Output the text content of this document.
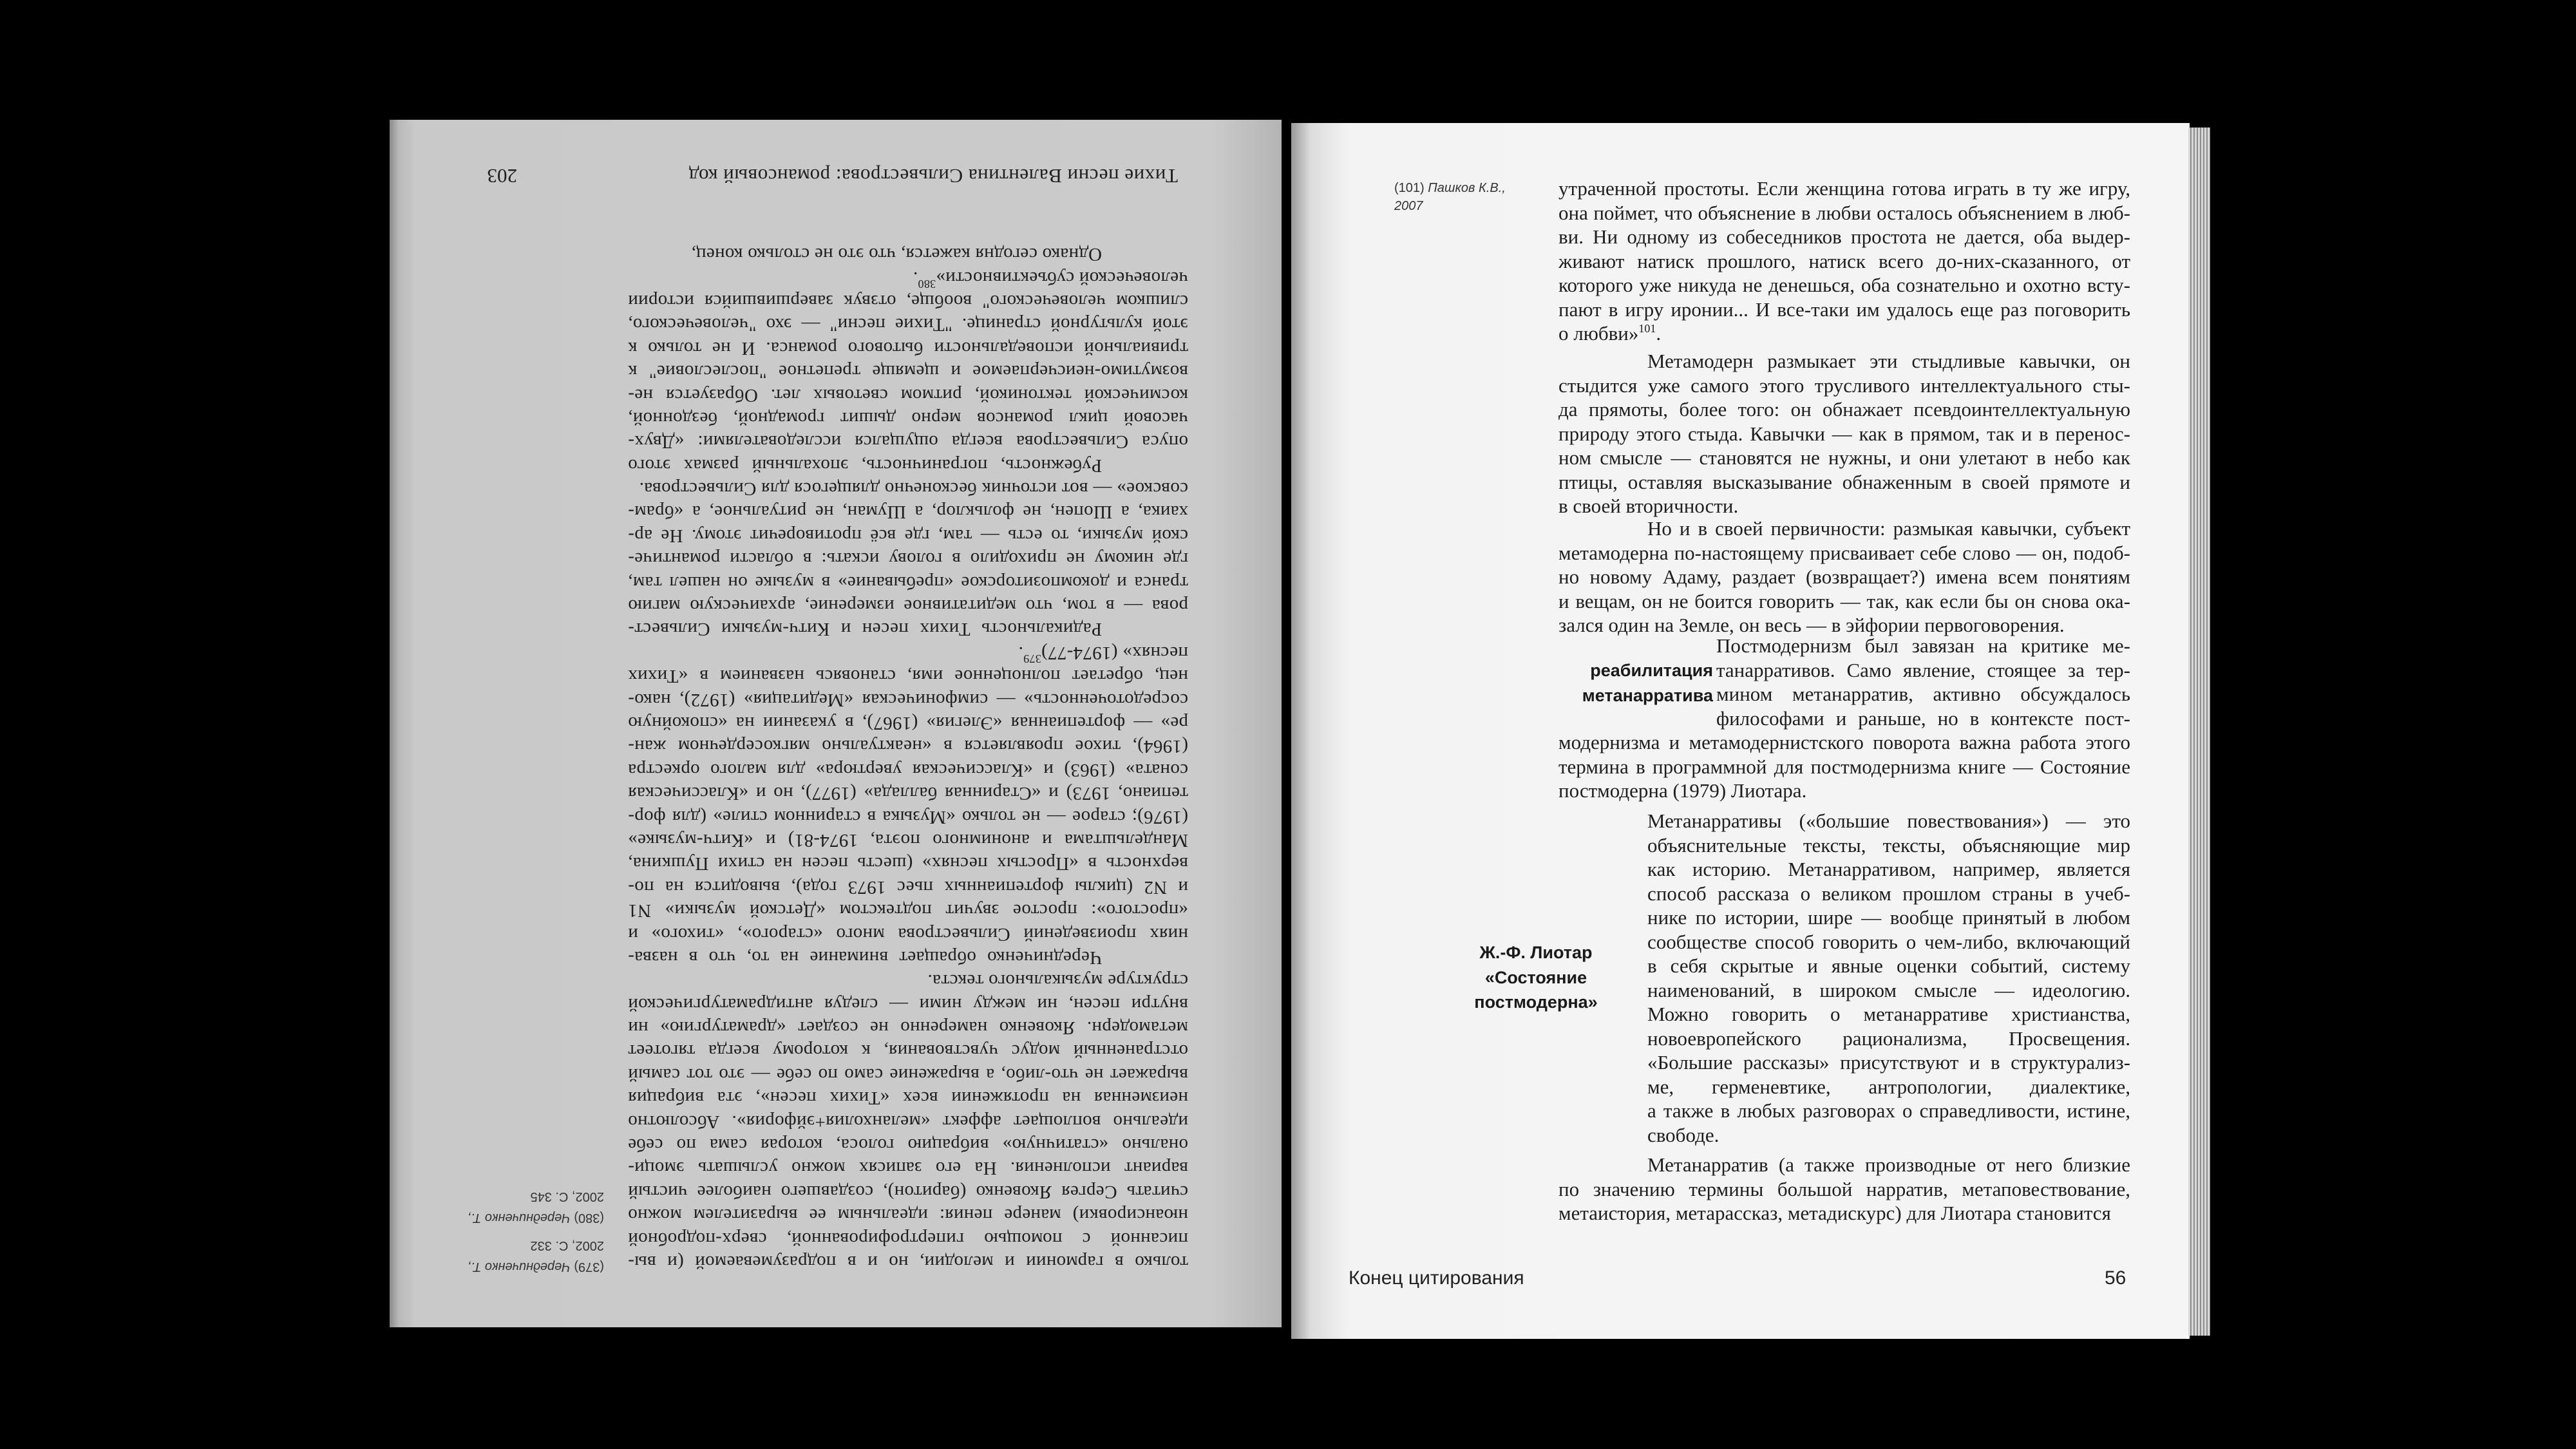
только в гармонии и мелодии, но и в подразумеваемой (и вы-
писанной с помощью гипертрофированной, сверх-подробной
нюансировки) манере пения: идеальным ее выразителем можно
считать Сергея Яковенко (баритон), создавшего наиболее чистый
вариант исполнения. На его записях можно услышать эмоци-
онально «статичную» вибрацию голоса, которая сама по себе
идеально воплощает аффект «меланхолия+эйфория». Абсолютно
неизменная на протяжении всех «Тихих песен», эта вибрация
выражает не что-либо, а выражение само по себе — это тот самый
отстраненный модус чувствования, к которому всегда тяготеет
метамодерн. Яковенко намеренно не создает «драматургию» ни
внутри песен, ни между ними — следуя антидраматургической
структуре музыкального текста.
Чередниченко обращает внимание на то, что в назва-
ниях произведений Сильвестрова много «старого», «тихого» и
«простого»: простое звучит подтекстом «Детской музыки» N1
и N2 (циклы фортепианных пьес 1973 года), выводится на по-
верхность в «Простых песнях» (шесть песен на стихи Пушкина,
Мандельштама и анонимного поэта, 1974-81) и «Китч-музыке»
(1976); старое — не только «Музыка в старинном стиле» (для фор-
тепиано, 1973) и «Старинная баллада» (1977), но и «Классическая
соната» (1963) и «Классическая увертюра» для малого оркестра
(1964), тихое проявляется в «неактуально мягкосердечном жан-
ре» — фортепианная «Элегия» (1967), в указании на «спокойную
сосредоточенность» — симфоническая «Медитация» (1972), нако-
нец, обретает полноценное имя, становясь названием в «Тихих
песнях» (1974-77)$^{379}$.
Радикальность Тихих песен и Китч-музыки Сильвест-
рова — в том, что медитативное измерение, архаическую магию
транса и докомпозиторское «пребывание» в музыке он нашел там,
где никому не приходило в голову искать: в области романтиче-
ской музыки, то есть — там, где всё противоречит этому. Не ар-
хаика, а Шопен, не фольклор, а Шуман, не ритуальное, а «брам-
совское» — вот источник бесконечно длящегося для Сильвестрова.
Рубежность, пограничность, эпохальный размах этого
опуса Сильвестрова всегда ощущался исследователями: «Двух-
часовой цикл романсов мерно дышит громадной, бездонной,
космической тектоникой, ритмом световых лет. Образуется не-
возмутимо-неисчерпаемое и щемяще трепетное "послесловие" к
тривиальной исповедальности бытового романса. И не только к
этой культурной странице. "Тихие песни" — эхо "человеческого,
слишком человеческого" вообще, отзвук завершившийся истории
человеческой субъективности»$^{380}$.
Однако сегодня кажется, что это не столько конец,
(379) Чередниченко Т.,
2002, С. 332
(380) Чередниченко Т.,
2002, С. 345
Тихие песни Валентина Сильвестрова: романсовый код
203
(101) Пашков К.В.,
2007
утраченной простоты. Если женщина готова играть в ту же игру,
она поймет, что объяснение в любви осталось объяснением в люб-
ви. Ни одному из собеседников простота не дается, оба выдер-
живают натиск прошлого, натиск всего до-них-сказанного, от
которого уже никуда не денешься, оба сознательно и охотно всту-
пают в игру иронии... И все-таки им удалось еще раз поговорить
о любви»$^{101}$.
Метамодерн размыкает эти стыдливые кавычки, он
стыдится уже самого этого трусливого интеллектуального сты-
да прямоты, более того: он обнажает псевдоинтеллектуальную
природу этого стыда. Кавычки — как в прямом, так и в перенос-
ном смысле — становятся не нужны, и они улетают в небо как
птицы, оставляя высказывание обнаженным в своей прямоте и
в своей вторичности.
Но и в своей первичности: размыкая кавычки, субъект
метамодерна по-настоящему присваивает себе слово — он, подоб-
но новому Адаму, раздает (возвращает?) имена всем понятиям
и вещам, он не боится говорить — так, как если бы он снова ока-
зался один на Земле, он весь — в эйфории первоговорения.
реабилитация
метанарратива
Постмодернизм был завязан на критике ме-
танарративов. Само явление, стоящее за тер-
мином метанарратив, активно обсуждалось
философами и раньше, но в контексте пост-
модернизма и метамодернистского поворота важна работа этого
термина в программной для постмодернизма книге — Состояние
постмодерна (1979) Лиотара.
Ж.-Ф. Лиотар
«Состояние
постмодерна»
Метанарративы («большие повествования») — это
объяснительные тексты, тексты, объясняющие мир
как историю. Метанарративом, например, является
способ рассказа о великом прошлом страны в учеб-
нике по истории, шире — вообще принятый в любом
сообществе способ говорить о чем-либо, включающий
в себя скрытые и явные оценки событий, систему
наименований, в широком смысле — идеологию.
Можно говорить о метанарративе христианства,
новоевропейского рационализма, Просвещения.
«Большие рассказы» присутствуют и в структурализ-
ме, герменевтике, антропологии, диалектике,
а также в любых разговорах о справедливости, истине,
свободе.
Метанарратив (а также производные от него близкие
по значению термины большой нарратив, метаповествование,
метаистория, метарассказ, метадискурс) для Лиотара становится
Конец цитирования	56
